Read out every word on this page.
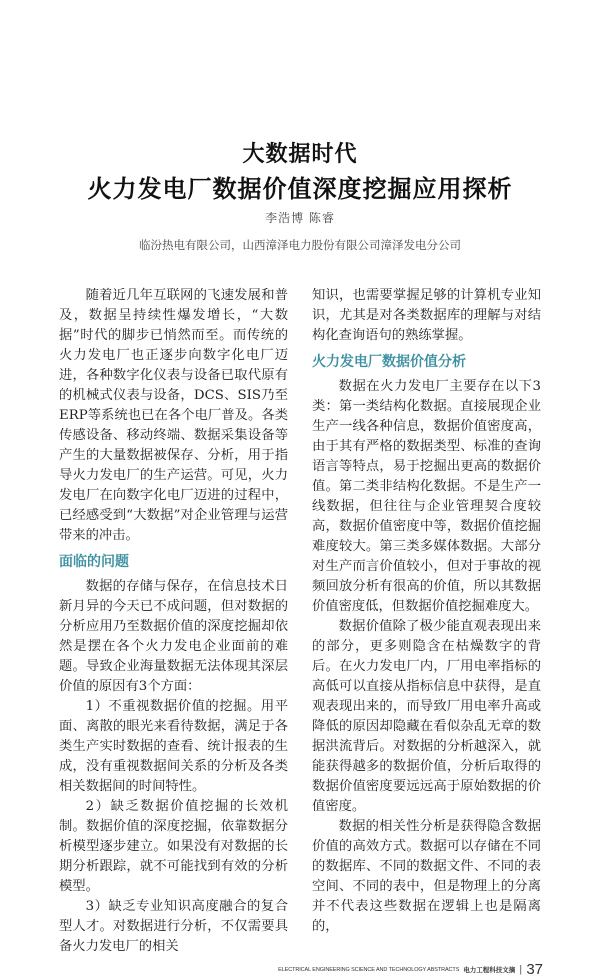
大数据时代
火力发电厂数据价值深度挖掘应用探析
李浩博 陈睿
临汾热电有限公司，山西漳泽电力股份有限公司漳泽发电分公司

随着近几年互联网的飞速发展和普及，数据呈持续性爆发增长，“大数据”时代的脚步已悄然而至。而传统的火力发电厂也正逐步向数字化电厂迈进，各种数字化仪表与设备已取代原有的机械式仪表与设备，DCS、SIS乃至ERP等系统也已在各个电厂普及。各类传感设备、移动终端、数据采集设备等产生的大量数据被保存、分析，用于指导火力发电厂的生产运营。可见，火力发电厂在向数字化电厂迈进的过程中，已经感受到“大数据”对企业管理与运营带来的冲击。

面临的问题

数据的存储与保存，在信息技术日新月异的今天已不成问题，但对数据的分析应用乃至数据价值的深度挖掘却依然是摆在各个火力发电企业面前的难题。导致企业海量数据无法体现其深层价值的原因有3个方面：

1）不重视数据价值的挖掘。用平面、离散的眼光来看待数据，满足于各类生产实时数据的查看、统计报表的生成，没有重视数据间关系的分析及各类相关数据间的时间特性。

2）缺乏数据价值挖掘的长效机制。数据价值的深度挖掘，依靠数据分析模型逐步建立。如果没有对数据的长期分析跟踪，就不可能找到有效的分析模型。

3）缺乏专业知识高度融合的复合型人才。对数据进行分析，不仅需要具备火力发电厂的相关

知识，也需要掌握足够的计算机专业知识，尤其是对各类数据库的理解与对结构化查询语句的熟练掌握。

火力发电厂数据价值分析

数据在火力发电厂主要存在以下3类：第一类结构化数据。直接展现企业生产一线各种信息，数据价值密度高，由于其有严格的数据类型、标准的查询语言等特点，易于挖掘出更高的数据价值。第二类非结构化数据。不是生产一线数据，但往往与企业管理契合度较高，数据价值密度中等，数据价值挖掘难度较大。第三类多媒体数据。大部分对生产而言价值较小，但对于事故的视频回放分析有很高的价值，所以其数据价值密度低，但数据价值挖掘难度大。

数据价值除了极少能直观表现出来的部分，更多则隐含在枯燥数字的背后。在火力发电厂内，厂用电率指标的高低可以直接从指标信息中获得，是直观表现出来的，而导致厂用电率升高或降低的原因却隐藏在看似杂乱无章的数据洪流背后。对数据的分析越深入，就能获得越多的数据价值，分析后取得的数据价值密度要远远高于原始数据的价值密度。

数据的相关性分析是获得隐含数据价值的高效方式。数据可以存储在不同的数据库、不同的数据文件、不同的表空间、不同的表中，但是物理上的分离并不代表这些数据在逻辑上也是隔离的，

ELECTRICAL ENGINEERING SCIENCE AND TECHNOLOGY ABSTRACTS 电力工程科技文摘 | 37
